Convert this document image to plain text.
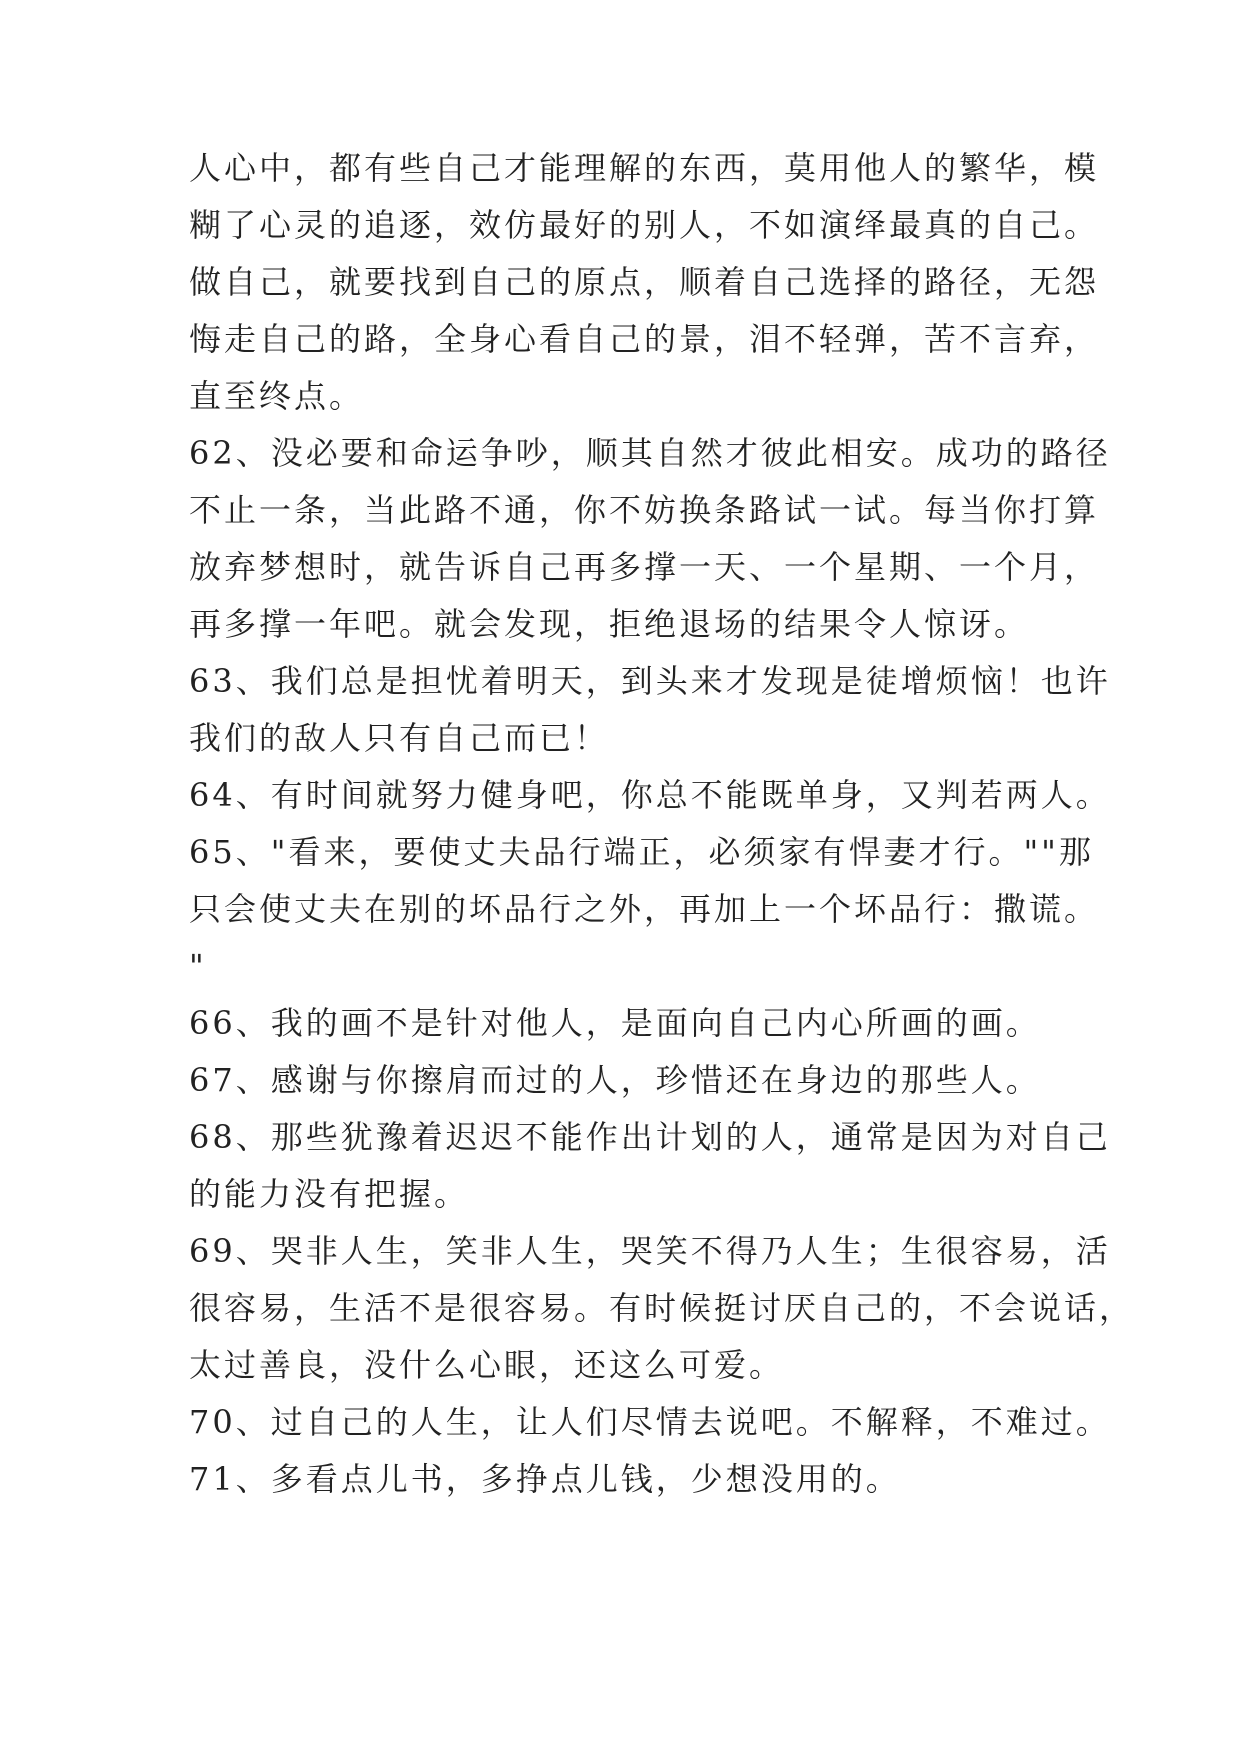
人心中，都有些自己才能理解的东西，莫用他人的繁华，模
糊了心灵的追逐，效仿最好的别人，不如演绎最真的自己。
做自己，就要找到自己的原点，顺着自己选择的路径，无怨
悔走自己的路，全身心看自己的景，泪不轻弹，苦不言弃，
直至终点。
62、没必要和命运争吵，顺其自然才彼此相安。成功的路径
不止一条，当此路不通，你不妨换条路试一试。每当你打算
放弃梦想时，就告诉自己再多撑一天、一个星期、一个月，
再多撑一年吧。就会发现，拒绝退场的结果令人惊讶。
63、我们总是担忧着明天，到头来才发现是徒增烦恼！也许
我们的敌人只有自己而已！
64、有时间就努力健身吧，你总不能既单身，又判若两人。
65、"看来，要使丈夫品行端正，必须家有悍妻才行。""那
只会使丈夫在别的坏品行之外，再加上一个坏品行：撒谎。
"
66、我的画不是针对他人，是面向自己内心所画的画。
67、感谢与你擦肩而过的人，珍惜还在身边的那些人。
68、那些犹豫着迟迟不能作出计划的人，通常是因为对自己
的能力没有把握。
69、哭非人生，笑非人生，哭笑不得乃人生；生很容易，活
很容易，生活不是很容易。有时候挺讨厌自己的，不会说话，
太过善良，没什么心眼，还这么可爱。
70、过自己的人生，让人们尽情去说吧。不解释，不难过。
71、多看点儿书，多挣点儿钱，少想没用的。
